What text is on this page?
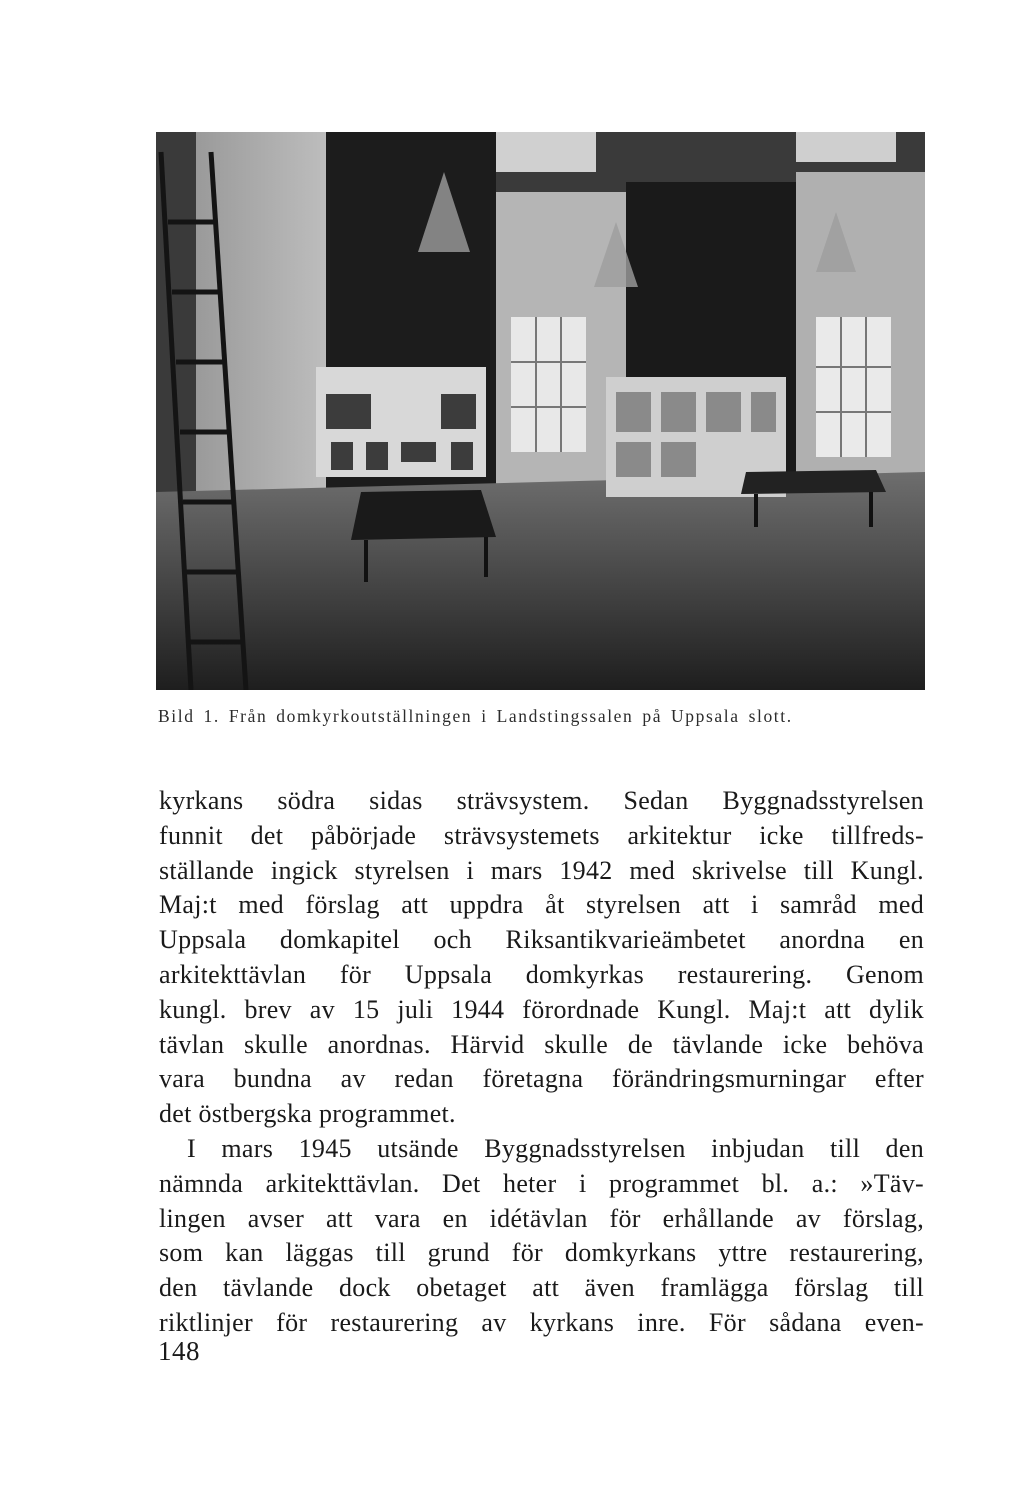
Bild 1. Från domkyrkoutställningen i Landstingssalen på Uppsala slott.
kyrkans södra sidas strävsystem. Sedan Byggnadsstyrelsen
funnit det påbörjade strävsystemets arkitektur icke tillfreds-
ställande ingick styrelsen i mars 1942 med skrivelse till Kungl.
Maj:t med förslag att uppdra åt styrelsen att i samråd med
Uppsala domkapitel och Riksantikvarieämbetet anordna en
arkitekttävlan för Uppsala domkyrkas restaurering. Genom
kungl. brev av 15 juli 1944 förordnade Kungl. Maj:t att dylik
tävlan skulle anordnas. Härvid skulle de tävlande icke behöva
vara bundna av redan företagna förändringsmurningar efter
det östbergska programmet.
I mars 1945 utsände Byggnadsstyrelsen inbjudan till den
nämnda arkitekttävlan. Det heter i programmet bl. a.: »Täv-
lingen avser att vara en idétävlan för erhållande av förslag,
som kan läggas till grund för domkyrkans yttre restaurering,
den tävlande dock obetaget att även framlägga förslag till
riktlinjer för restaurering av kyrkans inre. För sådana even-
148
